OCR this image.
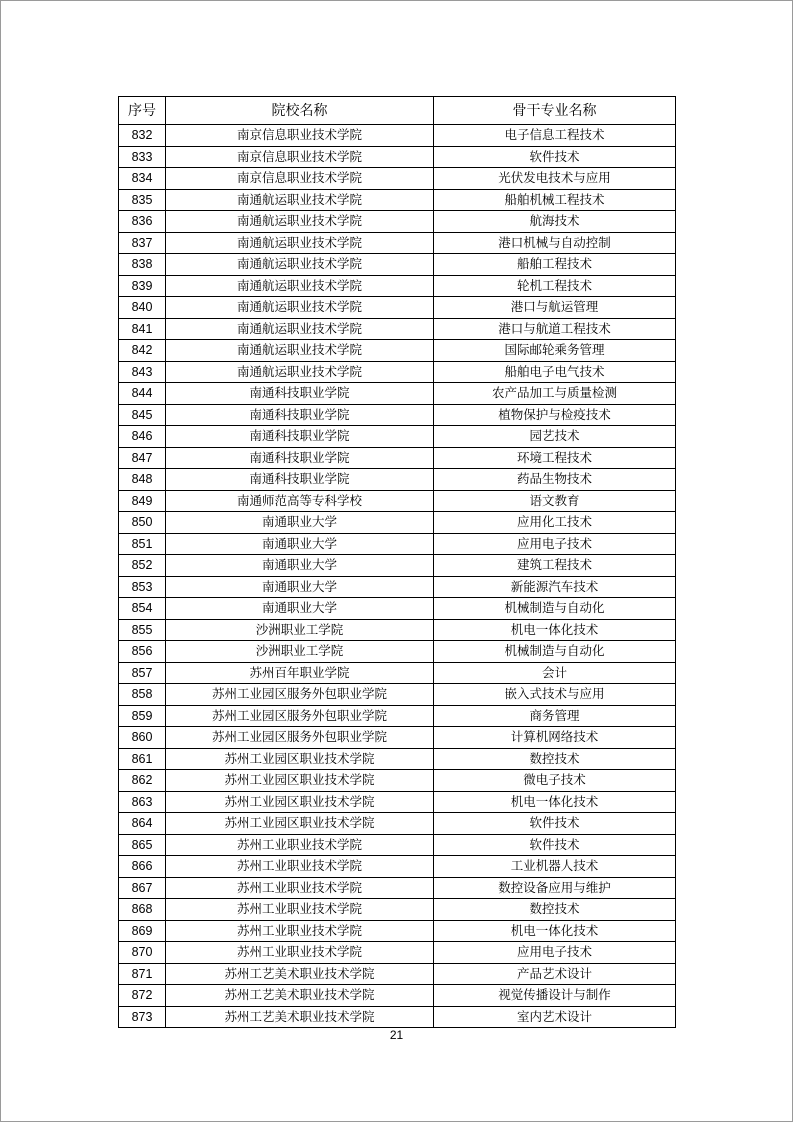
序号	院校名称	骨干专业名称
832	南京信息职业技术学院	电子信息工程技术
833	南京信息职业技术学院	软件技术
834	南京信息职业技术学院	光伏发电技术与应用
835	南通航运职业技术学院	船舶机械工程技术
836	南通航运职业技术学院	航海技术
837	南通航运职业技术学院	港口机械与自动控制
838	南通航运职业技术学院	船舶工程技术
839	南通航运职业技术学院	轮机工程技术
840	南通航运职业技术学院	港口与航运管理
841	南通航运职业技术学院	港口与航道工程技术
842	南通航运职业技术学院	国际邮轮乘务管理
843	南通航运职业技术学院	船舶电子电气技术
844	南通科技职业学院	农产品加工与质量检测
845	南通科技职业学院	植物保护与检疫技术
846	南通科技职业学院	园艺技术
847	南通科技职业学院	环境工程技术
848	南通科技职业学院	药品生物技术
849	南通师范高等专科学校	语文教育
850	南通职业大学	应用化工技术
851	南通职业大学	应用电子技术
852	南通职业大学	建筑工程技术
853	南通职业大学	新能源汽车技术
854	南通职业大学	机械制造与自动化
855	沙洲职业工学院	机电一体化技术
856	沙洲职业工学院	机械制造与自动化
857	苏州百年职业学院	会计
858	苏州工业园区服务外包职业学院	嵌入式技术与应用
859	苏州工业园区服务外包职业学院	商务管理
860	苏州工业园区服务外包职业学院	计算机网络技术
861	苏州工业园区职业技术学院	数控技术
862	苏州工业园区职业技术学院	微电子技术
863	苏州工业园区职业技术学院	机电一体化技术
864	苏州工业园区职业技术学院	软件技术
865	苏州工业职业技术学院	软件技术
866	苏州工业职业技术学院	工业机器人技术
867	苏州工业职业技术学院	数控设备应用与维护
868	苏州工业职业技术学院	数控技术
869	苏州工业职业技术学院	机电一体化技术
870	苏州工业职业技术学院	应用电子技术
871	苏州工艺美术职业技术学院	产品艺术设计
872	苏州工艺美术职业技术学院	视觉传播设计与制作
873	苏州工艺美术职业技术学院	室内艺术设计
21
